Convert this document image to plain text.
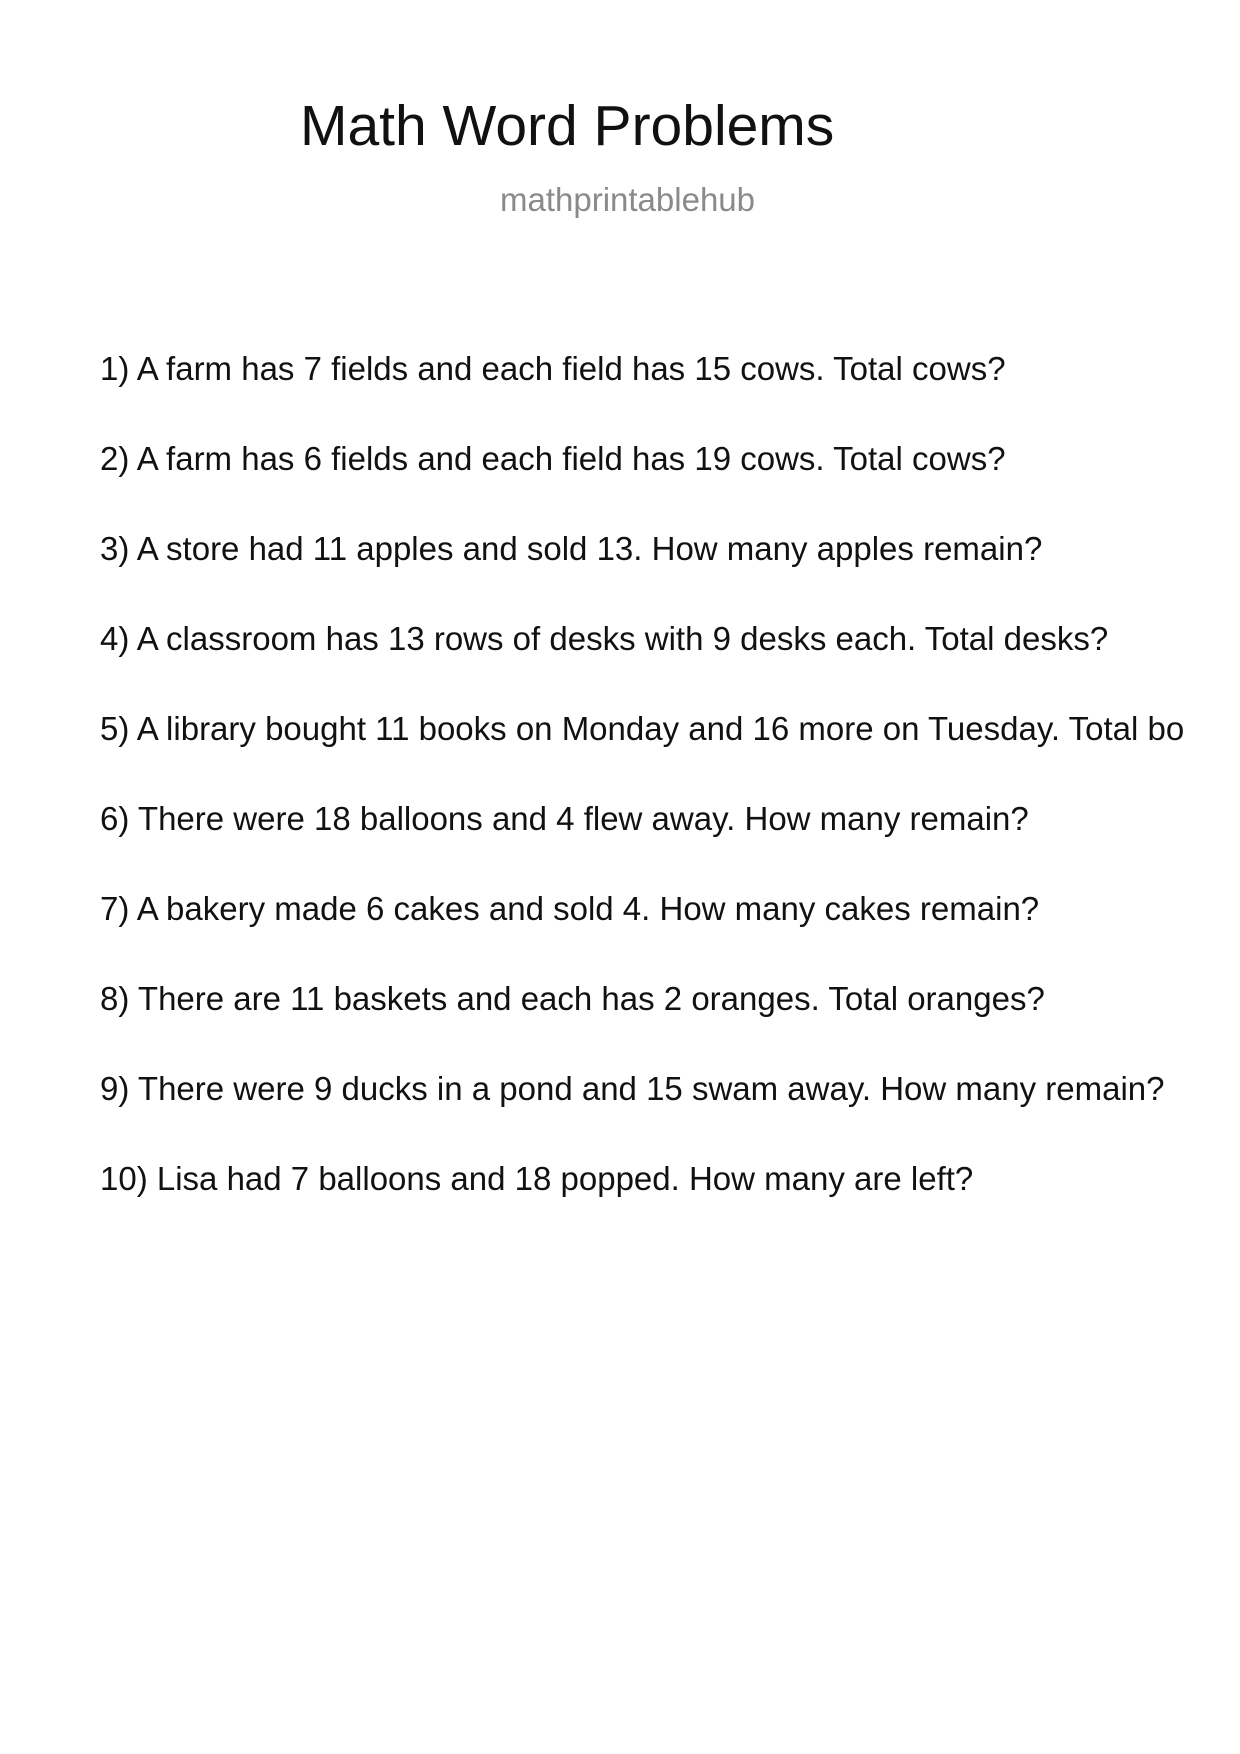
Math Word Problems
mathprintablehub
1) A farm has 7 fields and each field has 15 cows. Total cows?
2) A farm has 6 fields and each field has 19 cows. Total cows?
3) A store had 11 apples and sold 13. How many apples remain?
4) A classroom has 13 rows of desks with 9 desks each. Total desks?
5) A library bought 11 books on Monday and 16 more on Tuesday. Total bo
6) There were 18 balloons and 4 flew away. How many remain?
7) A bakery made 6 cakes and sold 4. How many cakes remain?
8) There are 11 baskets and each has 2 oranges. Total oranges?
9) There were 9 ducks in a pond and 15 swam away. How many remain?
10) Lisa had 7 balloons and 18 popped. How many are left?
